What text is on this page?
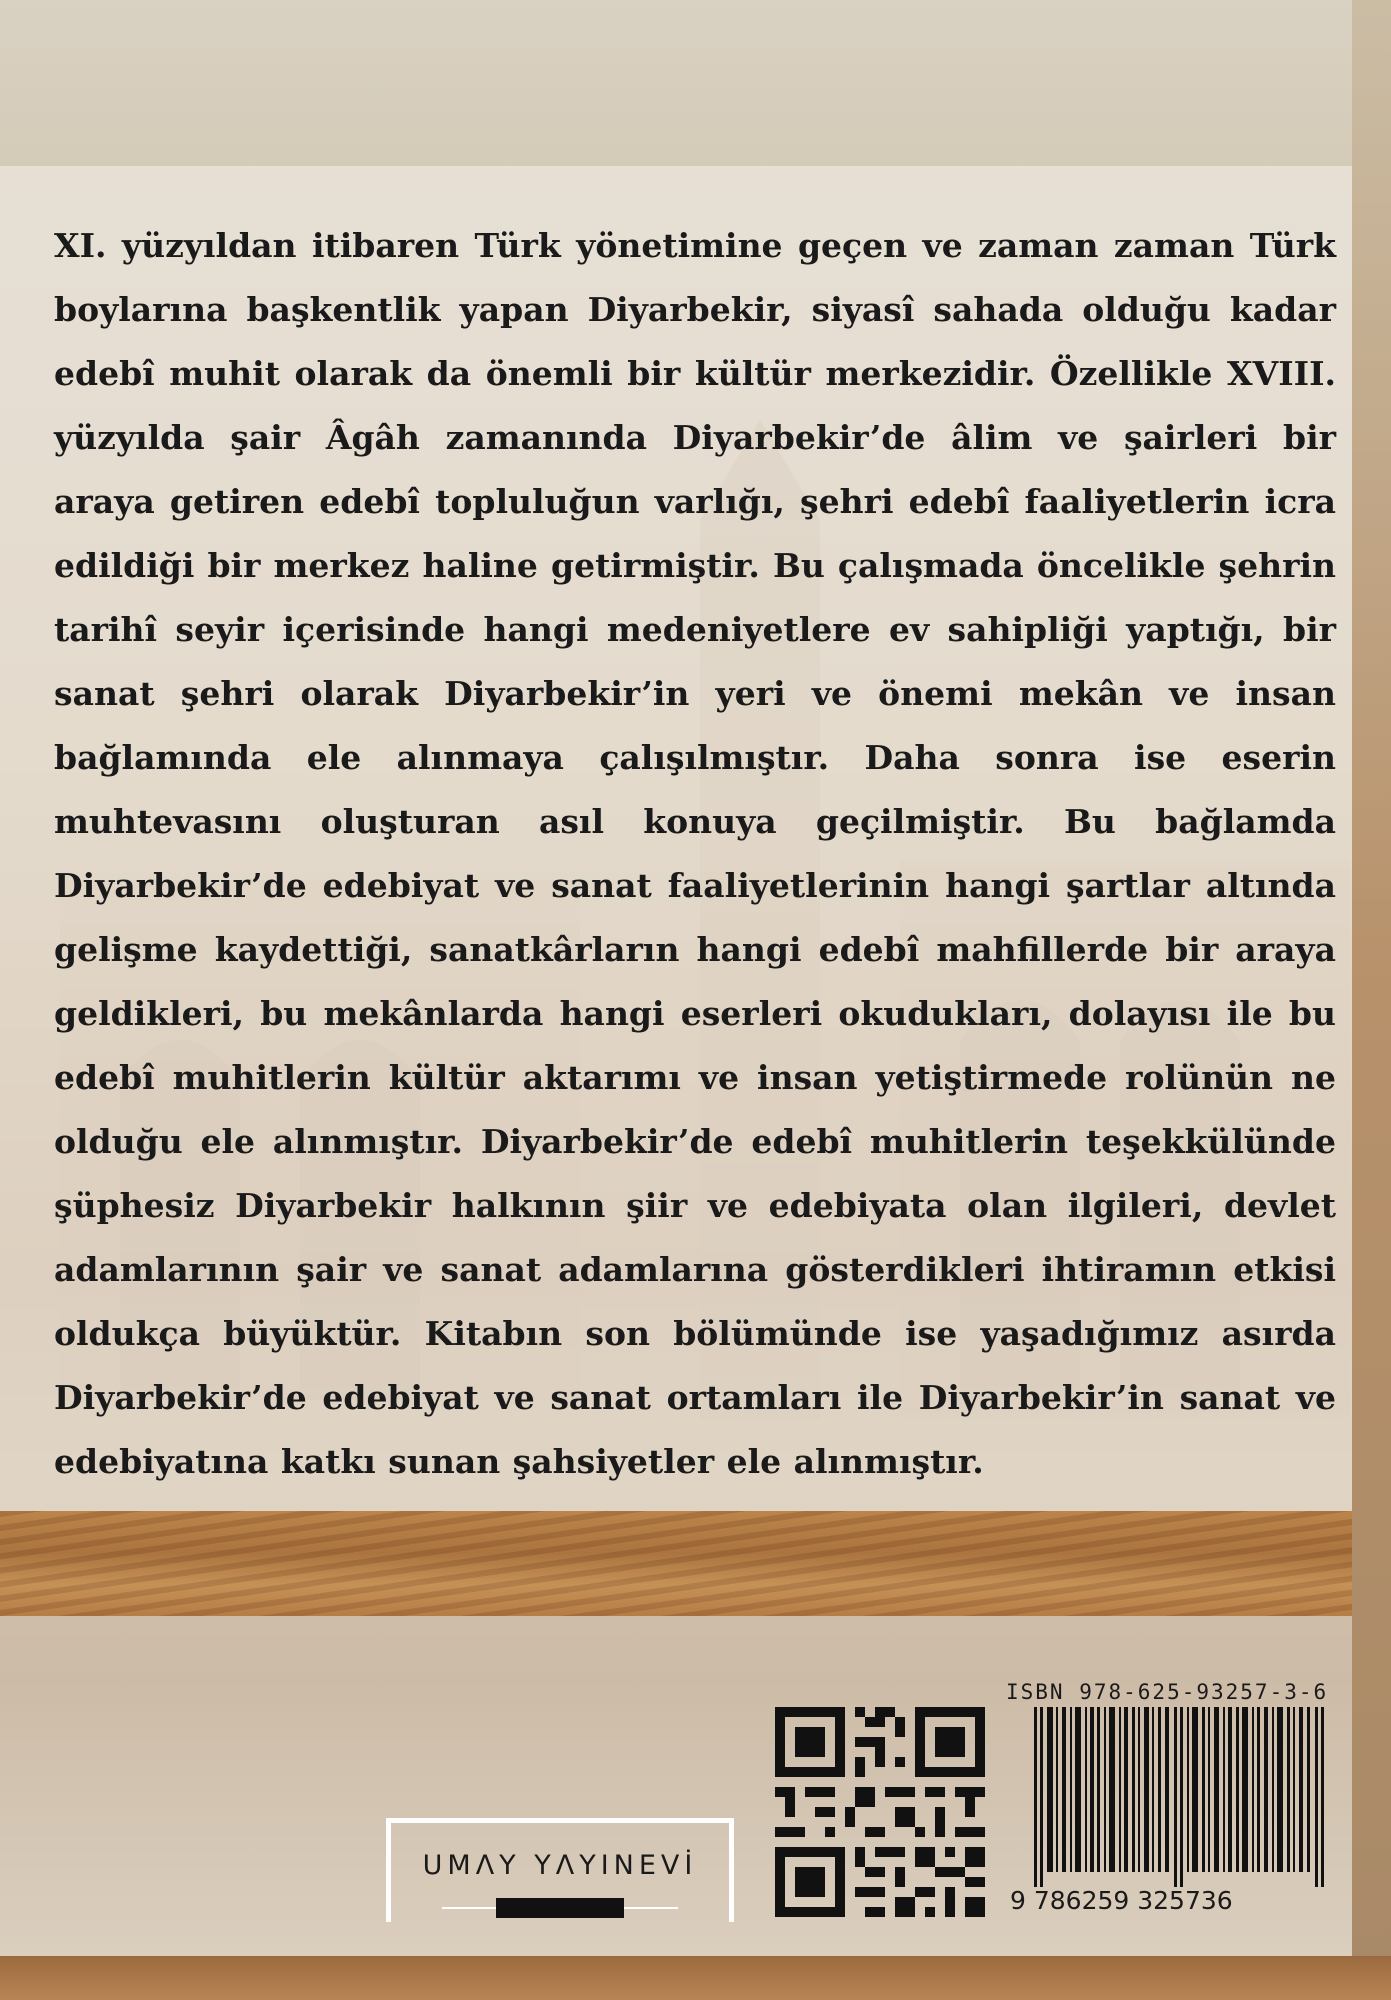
XI. yüzyıldan itibaren Türk yönetimine geçen ve zaman zaman Türk boylarına başkentlik yapan Diyarbekir, siyasî sahada olduğu kadar edebî muhit olarak da önemli bir kültür merkezidir. Özellikle XVIII. yüzyılda şair Âgâh zamanında Diyarbekir’de âlim ve şairleri bir araya getiren edebî topluluğun varlığı, şehri edebî faaliyetlerin icra edildiği bir merkez haline getirmiştir. Bu çalışmada öncelikle şehrin tarihî seyir içerisinde hangi medeniyetlere ev sahipliği yaptığı, bir sanat şehri olarak Diyarbekir’in yeri ve önemi mekân ve insan bağlamında ele alınmaya çalışılmıştır. Daha sonra ise eserin muhtevasını oluşturan asıl konuya geçilmiştir. Bu bağlamda Diyarbekir’de edebiyat ve sanat faaliyetlerinin hangi şartlar altında gelişme kaydettiği, sanatkârların hangi edebî mahfillerde bir araya geldikleri, bu mekânlarda hangi eserleri okudukları, dolayısı ile bu edebî muhitlerin kültür aktarımı ve insan yetiştirmede rolünün ne olduğu ele alınmıştır. Diyarbekir’de edebî muhitlerin teşekkülünde şüphesiz Diyarbekir halkının şiir ve edebiyata olan ilgileri, devlet adamlarının şair ve sanat adamlarına gösterdikleri ihtiramın etkisi oldukça büyüktür. Kitabın son bölümünde ise yaşadığımız asırda Diyarbekir’de edebiyat ve sanat ortamları ile Diyarbekir’in sanat ve edebiyatına katkı sunan şahsiyetler ele alınmıştır.

UMΛY YΛYINEVİ
ISBN 978-625-93257-3-6
9 786259 325736
